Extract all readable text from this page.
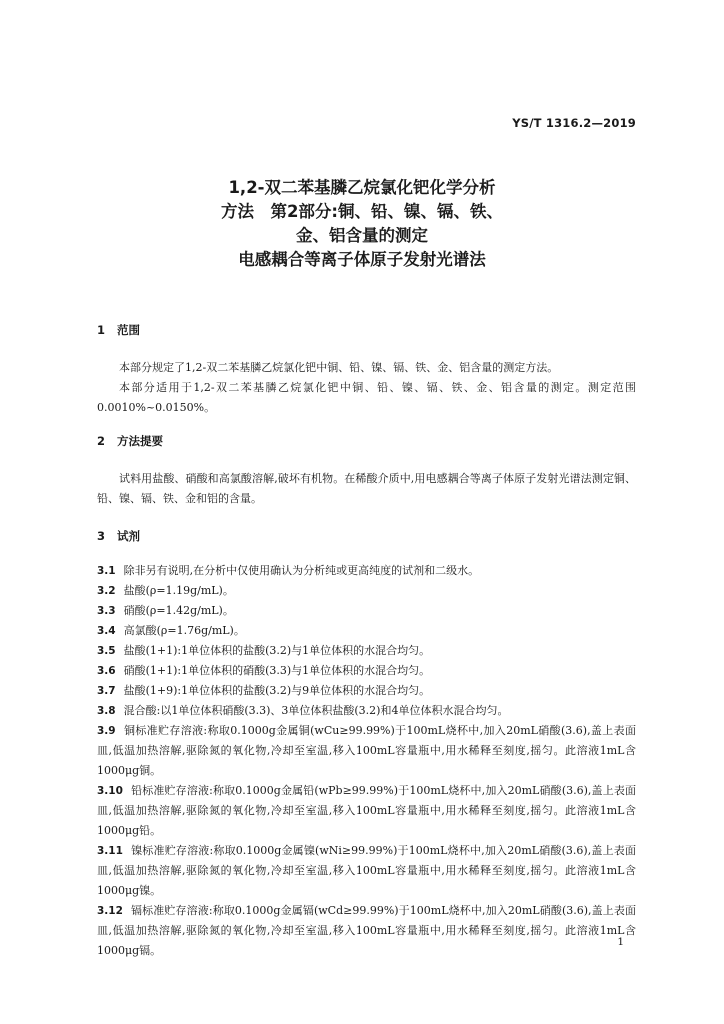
YS/T 1316.2—2019
1,2-双二苯基膦乙烷氯化钯化学分析
方法　第2部分:铜、铅、镍、镉、铁、
金、铝含量的测定
电感耦合等离子体原子发射光谱法
1 范围
本部分规定了1,2-双二苯基膦乙烷氯化钯中铜、铅、镍、镉、铁、金、铝含量的测定方法。
本部分适用于1,2-双二苯基膦乙烷氯化钯中铜、铅、镍、镉、铁、金、铝含量的测定。测定范围0.0010%~0.0150%。
2 方法提要
试料用盐酸、硝酸和高氯酸溶解,破坏有机物。在稀酸介质中,用电感耦合等离子体原子发射光谱法测定铜、铅、镍、镉、铁、金和铝的含量。
3 试剂
3.1 除非另有说明,在分析中仅使用确认为分析纯或更高纯度的试剂和二级水。
3.2 盐酸(ρ=1.19g/mL)。
3.3 硝酸(ρ=1.42g/mL)。
3.4 高氯酸(ρ=1.76g/mL)。
3.5 盐酸(1+1):1单位体积的盐酸(3.2)与1单位体积的水混合均匀。
3.6 硝酸(1+1):1单位体积的硝酸(3.3)与1单位体积的水混合均匀。
3.7 盐酸(1+9):1单位体积的盐酸(3.2)与9单位体积的水混合均匀。
3.8 混合酸:以1单位体积硝酸(3.3)、3单位体积盐酸(3.2)和4单位体积水混合均匀。
3.9 铜标准贮存溶液:称取0.1000g金属铜(wCu≥99.99%)于100mL烧杯中,加入20mL硝酸(3.6),盖上表面皿,低温加热溶解,驱除氮的氧化物,冷却至室温,移入100mL容量瓶中,用水稀释至刻度,摇匀。此溶液1mL含1000μg铜。
3.10 铅标准贮存溶液:称取0.1000g金属铅(wPb≥99.99%)于100mL烧杯中,加入20mL硝酸(3.6),盖上表面皿,低温加热溶解,驱除氮的氧化物,冷却至室温,移入100mL容量瓶中,用水稀释至刻度,摇匀。此溶液1mL含1000μg铅。
3.11 镍标准贮存溶液:称取0.1000g金属镍(wNi≥99.99%)于100mL烧杯中,加入20mL硝酸(3.6),盖上表面皿,低温加热溶解,驱除氮的氧化物,冷却至室温,移入100mL容量瓶中,用水稀释至刻度,摇匀。此溶液1mL含1000μg镍。
3.12 镉标准贮存溶液:称取0.1000g金属镉(wCd≥99.99%)于100mL烧杯中,加入20mL硝酸(3.6),盖上表面皿,低温加热溶解,驱除氮的氧化物,冷却至室温,移入100mL容量瓶中,用水稀释至刻度,摇匀。此溶液1mL含1000μg镉。
1
